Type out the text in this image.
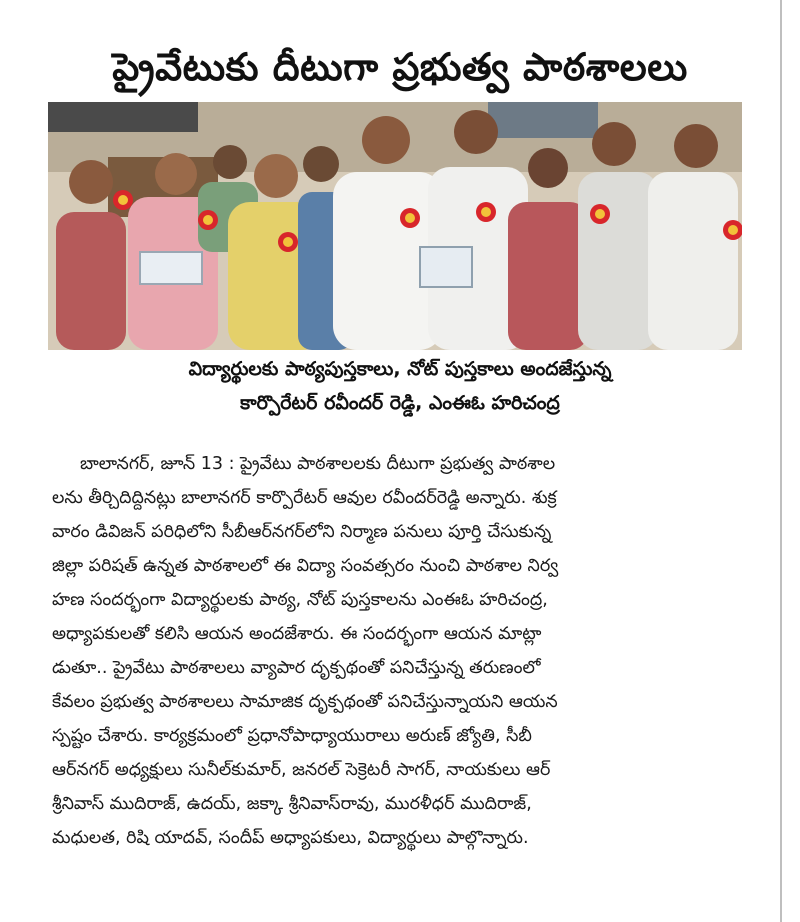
ప్రైవేటుకు దీటుగా ప్రభుత్వ పాఠశాలలు
విద్యార్థులకు పాఠ్యపుస్తకాలు, నోట్‌ పుస్తకాలు అందజేస్తున్న
కార్పొరేటర్‌ రవీందర్‌ రెడ్డి, ఎంఈఓ హరిచంద్ర
బాలానగర్‌, జూన్‌ 13 : ప్రైవేటు పాఠశాలలకు దీటుగా ప్రభుత్వ పాఠశాల
లను తీర్చిదిద్దినట్లు బాలానగర్‌ కార్పొరేటర్‌ ఆవుల రవీందర్‌రెడ్డి అన్నారు. శుక్ర
వారం డివిజన్‌ పరిధిలోని సీబీఆర్‌నగర్‌లోని నిర్మాణ పనులు పూర్తి చేసుకున్న
జిల్లా పరిషత్‌ ఉన్నత పాఠశాలలో ఈ విద్యా సంవత్సరం నుంచి పాఠశాల నిర్వ
హణ సందర్భంగా విద్యార్థులకు పాఠ్య, నోట్‌ పుస్తకాలను ఎంఈఓ హరిచంద్ర,
అధ్యాపకులతో కలిసి ఆయన అందజేశారు. ఈ సందర్భంగా ఆయన మాట్లా
డుతూ.. ప్రైవేటు పాఠశాలలు వ్యాపార దృక్పథంతో పనిచేస్తున్న తరుణంలో
కేవలం ప్రభుత్వ పాఠశాలలు సామాజిక దృక్పథంతో పనిచేస్తున్నాయని ఆయన
స్పష్టం చేశారు. కార్యక్రమంలో ప్రధానోపాధ్యాయురాలు అరుణ్‌ జ్యోతి, సీబీ
ఆర్‌నగర్‌ అధ్యక్షులు సునీల్‌కుమార్‌, జనరల్‌ సెక్రెటరీ సాగర్‌, నాయకులు ఆర్‌
శ్రీనివాస్‌ ముదిరాజ్‌, ఉదయ్‌, జక్కా శ్రీనివాస్‌రావు, మురళీధర్‌ ముదిరాజ్‌,
మధులత, రిషి యాదవ్‌, సందీప్‌ అధ్యాపకులు, విద్యార్థులు పాల్గొన్నారు.
